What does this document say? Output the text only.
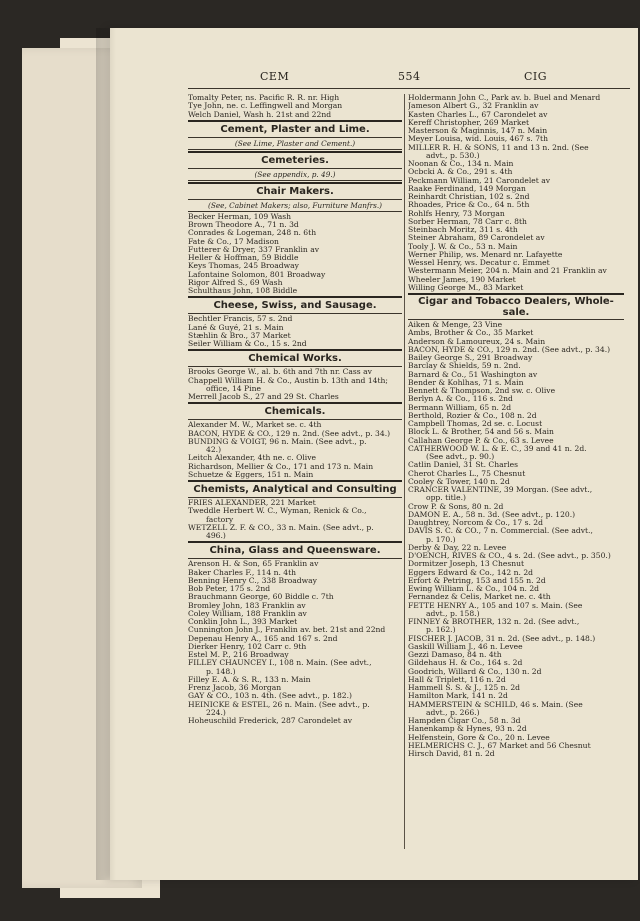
CEM	554	CIG
Tomalty Peter, ns. Pacific R. R. nr. High
Tye John, ne. c. Leffingwell and Morgan
Welch Daniel, Wash h. 21st and 22nd
Cement, Plaster and Lime.
(See Lime, Plaster and Cement.)
Cemeteries.
(See appendix, p. 49.)
Chair Makers.
(See, Cabinet Makers; also, Furniture Manfrs.)
Becker Herman, 109 Wash
Brown Theodore A., 71 n. 3d
Conrades & Logeman, 248 n. 6th
Fate & Co., 17 Madison
Futterer & Dryer, 337 Franklin av
Heller & Hoffman, 59 Biddle
Keys Thomas, 245 Broadway
Lafontaine Solomon, 801 Broadway
Rigor Alfred S., 69 Wash
Schulthaus John, 108 Biddle
Cheese, Swiss, and Sausage.
Bechtler Francis, 57 s. 2nd
Lané & Guyé, 21 s. Main
Stæhlin & Bro., 37 Market
Seiler William & Co., 15 s. 2nd
Chemical Works.
Brooks George W., al. b. 6th and 7th nr. Cass av
Chappell William H. & Co., Austin b. 13th and 14th;
office, 14 Pine
Merrell Jacob S., 27 and 29 St. Charles
Chemicals.
Alexander M. W., Market se. c. 4th
BACON, HYDE & CO., 129 n. 2nd. (See advt., p. 34.)
BUNDING & VOIGT, 96 n. Main. (See advt., p.
42.)
Leitch Alexander, 4th ne. c. Olive
Richardson, Mellier & Co., 171 and 173 n. Main
Schuetze & Eggers, 151 n. Main
Chemists, Analytical and Consulting
FRIES ALEXANDER, 221 Market
Tweddle Herbert W. C., Wyman, Renick & Co.,
factory
WETZELL Z. F. & CO., 33 n. Main. (See advt., p.
496.)
China, Glass and Queensware.
Arenson H. & Son, 65 Franklin av
Baker Charles F., 114 n. 4th
Benning Henry C., 338 Broadway
Bob Peter, 175 s. 2nd
Brauchmann George, 60 Biddle c. 7th
Bromley John, 183 Franklin av
Coley William, 188 Franklin av
Conklin John L., 393 Market
Cunnington John J., Franklin av. bet. 21st and 22nd
Depenau Henry A., 165 and 167 s. 2nd
Dierker Henry, 102 Carr c. 9th
Estel M. P., 216 Broadway
FILLEY CHAUNCEY I., 108 n. Main. (See advt.,
p. 148.)
Filley E. A. & S. R., 133 n. Main
Frenz Jacob, 36 Morgan
GAY & CO., 103 n. 4th. (See advt., p. 182.)
HEINICKE & ESTEL, 26 n. Main. (See advt., p.
224.)
Hoheuschild Frederick, 287 Carondelet av
Holdermann John C., Park av. b. Buel and Menard
Jameson Albert G., 32 Franklin av
Kasten Charles L., 67 Carondelet av
Kereff Christopher, 269 Market
Masterson & Maginnis, 147 n. Main
Meyer Louisa, wid. Louis, 467 s. 7th
MILLER R. H. & SONS, 11 and 13 n. 2nd. (See
advt., p. 530.)
Noonan & Co., 134 n. Main
Ocbcki A. & Co., 291 s. 4th
Peckmann William, 21 Carondelet av
Raake Ferdinand, 149 Morgan
Reinhardt Christian, 102 s. 2nd
Rhoades, Price & Co., 64 n. 5th
Rohlfs Henry, 73 Morgan
Sorber Herman, 78 Carr c. 8th
Steinbach Moritz, 311 s. 4th
Steiner Abraham, 89 Carondelet av
Tooly J. W. & Co., 53 n. Main
Werner Philip, ws. Menard nr. Lafayette
Wessel Henry, ws. Decatur c. Emmet
Westermann Meier, 204 n. Main and 21 Franklin av
Wheeler James, 190 Market
Willing George M., 83 Market
Cigar and Tobacco Dealers, Whole-
sale.
Aiken & Menge, 23 Vine
Ambs, Brother & Co., 35 Market
Anderson & Lamoureux, 24 s. Main
BACON, HYDE & CO., 129 n. 2nd. (See advt., p. 34.)
Bailey George S., 291 Broadway
Barclay & Shields, 59 n. 2nd.
Barnard & Co., 51 Washington av
Bender & Kohlhas, 71 s. Main
Bennett & Thompson, 2nd sw. c. Olive
Berlyn A. & Co., 116 s. 2nd
Bermann William, 65 n. 2d
Berthold, Rozier & Co., 108 n. 2d
Campbell Thomas, 2d se. c. Locust
Block L. & Brother, 54 and 56 s. Main
Callahan George P. & Co., 63 s. Levee
CATHERWOOD W. L. & E. C., 39 and 41 n. 2d.
(See advt., p. 90.)
Catlin Daniel, 31 St. Charles
Cherot Charles L., 75 Chesnut
Cooley & Tower, 140 n. 2d
CRANCER VALENTINE, 39 Morgan. (See advt.,
opp. title.)
Crow P. & Sons, 80 n. 2d
DAMON E. A., 58 n. 3d. (See advt., p. 120.)
Daughtrey, Norcom & Co., 17 s. 2d
DAVIS S. C. & CO., 7 n. Commercial. (See advt.,
p. 170.)
Derby & Day, 22 n. Levee
D'OENCH, RIVES & CO., 4 s. 2d. (See advt., p. 350.)
Dormitzer Joseph, 13 Chesnut
Eggers Edward & Co., 142 n. 2d
Erfort & Petring, 153 and 155 n. 2d
Ewing William L. & Co., 104 n. 2d
Fernandez & Celis, Market ne. c. 4th
FETTE HENRY A., 105 and 107 s. Main. (See
advt., p. 158.)
FINNEY & BROTHER, 132 n. 2d. (See advt.,
p. 162.)
FISCHER J. JACOB, 31 n. 2d. (See advt., p. 148.)
Gaskill William J., 46 n. Levee
Gezzi Damaso, 84 n. 4th
Gildehaus H. & Co., 164 s. 2d
Goodrich, Willard & Co., 130 n. 2d
Hall & Triplett, 116 n. 2d
Hammell S. S. & J., 125 n. 2d
Hamilton Mark, 141 n. 2d
HAMMERSTEIN & SCHILD, 46 s. Main. (See
advt., p. 266.)
Hampden Cigar Co., 58 n. 3d
Hanenkamp & Hynes, 93 n. 2d
Helfenstein, Gore & Co., 20 n. Levee
HELMERICHS C. J., 67 Market and 56 Chesnut
Hirsch David, 81 n. 2d
